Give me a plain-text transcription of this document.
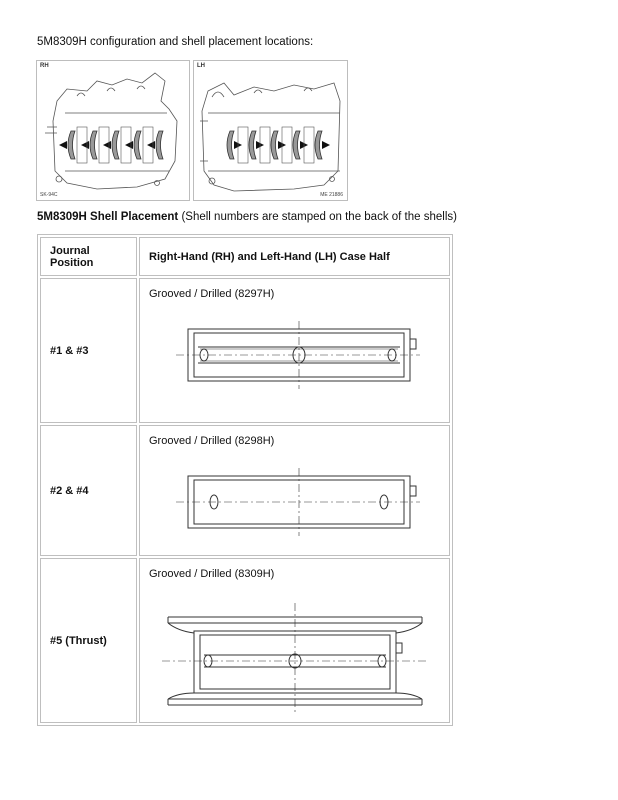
5M8309H configuration and shell placement locations:
RH
SK-94C
LH
ME 21886
5M8309H Shell Placement (Shell numbers are stamped on the back of the shells)
Journal Position	Right-Hand (RH) and Left-Hand (LH) Case Half
#1 & #3	Grooved / Drilled (8297H)

#2 & #4	Grooved / Drilled (8298H)

#5 (Thrust)	Grooved / Drilled (8309H)
